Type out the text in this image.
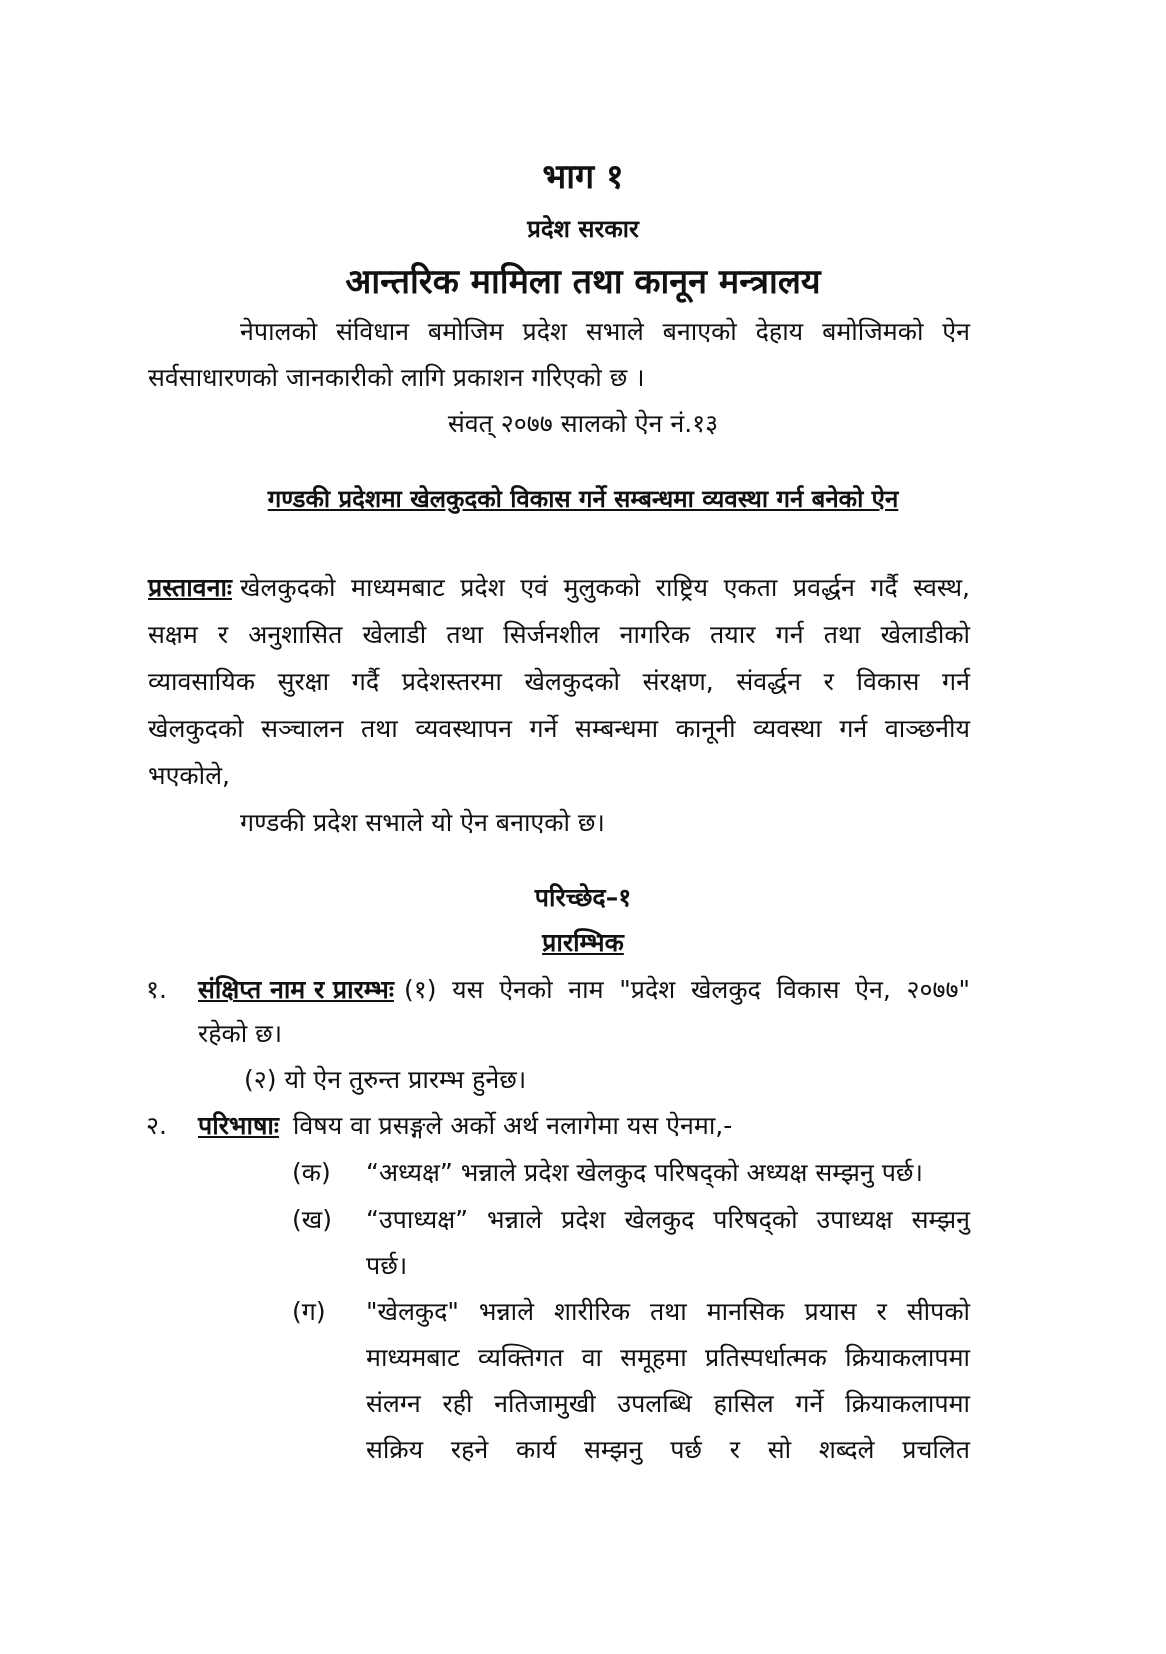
भाग १

प्रदेश सरकार

आन्तरिक मामिला तथा कानून मन्त्रालय

नेपालको संविधान बमोजिम प्रदेश सभाले बनाएको देहाय बमोजिमको ऐन

सर्वसाधारणको जानकारीको लागि प्रकाशन गरिएको छ ।

संवत् २०७७ सालको ऐन नं.१३

गण्डकी प्रदेशमा खेलकुदको विकास गर्ने सम्बन्धमा व्यवस्था गर्न बनेको ऐन

प्रस्तावनाः खेलकुदको माध्यमबाट प्रदेश एवं मुलुकको राष्ट्रिय एकता प्रवर्द्धन गर्दै स्वस्थ,

सक्षम र अनुशासित खेलाडी तथा सिर्जनशील नागरिक तयार गर्न तथा खेलाडीको

व्यावसायिक सुरक्षा गर्दै प्रदेशस्तरमा खेलकुदको संरक्षण, संवर्द्धन र विकास गर्न

खेलकुदको सञ्चालन तथा व्यवस्थापन गर्ने सम्बन्धमा कानूनी व्यवस्था गर्न वाञ्छनीय

भएकोले,

गण्डकी प्रदेश सभाले यो ऐन बनाएको छ।

परिच्छेद–१

प्रारम्भिक

१. संक्षिप्त नाम र प्रारम्भः (१) यस ऐनको नाम "प्रदेश खेलकुद विकास ऐन, २०७७"

रहेको छ।

(२) यो ऐन तुरुन्त प्रारम्भ हुनेछ।

२. परिभाषाः विषय वा प्रसङ्गले अर्को अर्थ नलागेमा यस ऐनमा,-

(क) “अध्यक्ष” भन्नाले प्रदेश खेलकुद परिषद्को अध्यक्ष सम्झनु पर्छ।

(ख) “उपाध्यक्ष” भन्नाले प्रदेश खेलकुद परिषद्को उपाध्यक्ष सम्झनु

पर्छ।

(ग) "खेलकुद" भन्नाले शारीरिक तथा मानसिक प्रयास र सीपको

माध्यमबाट व्यक्तिगत वा समूहमा प्रतिस्पर्धात्मक क्रियाकलापमा

संलग्न रही नतिजामुखी उपलब्धि हासिल गर्ने क्रियाकलापमा

सक्रिय रहने कार्य सम्झनु पर्छ र सो शब्दले प्रचलित
